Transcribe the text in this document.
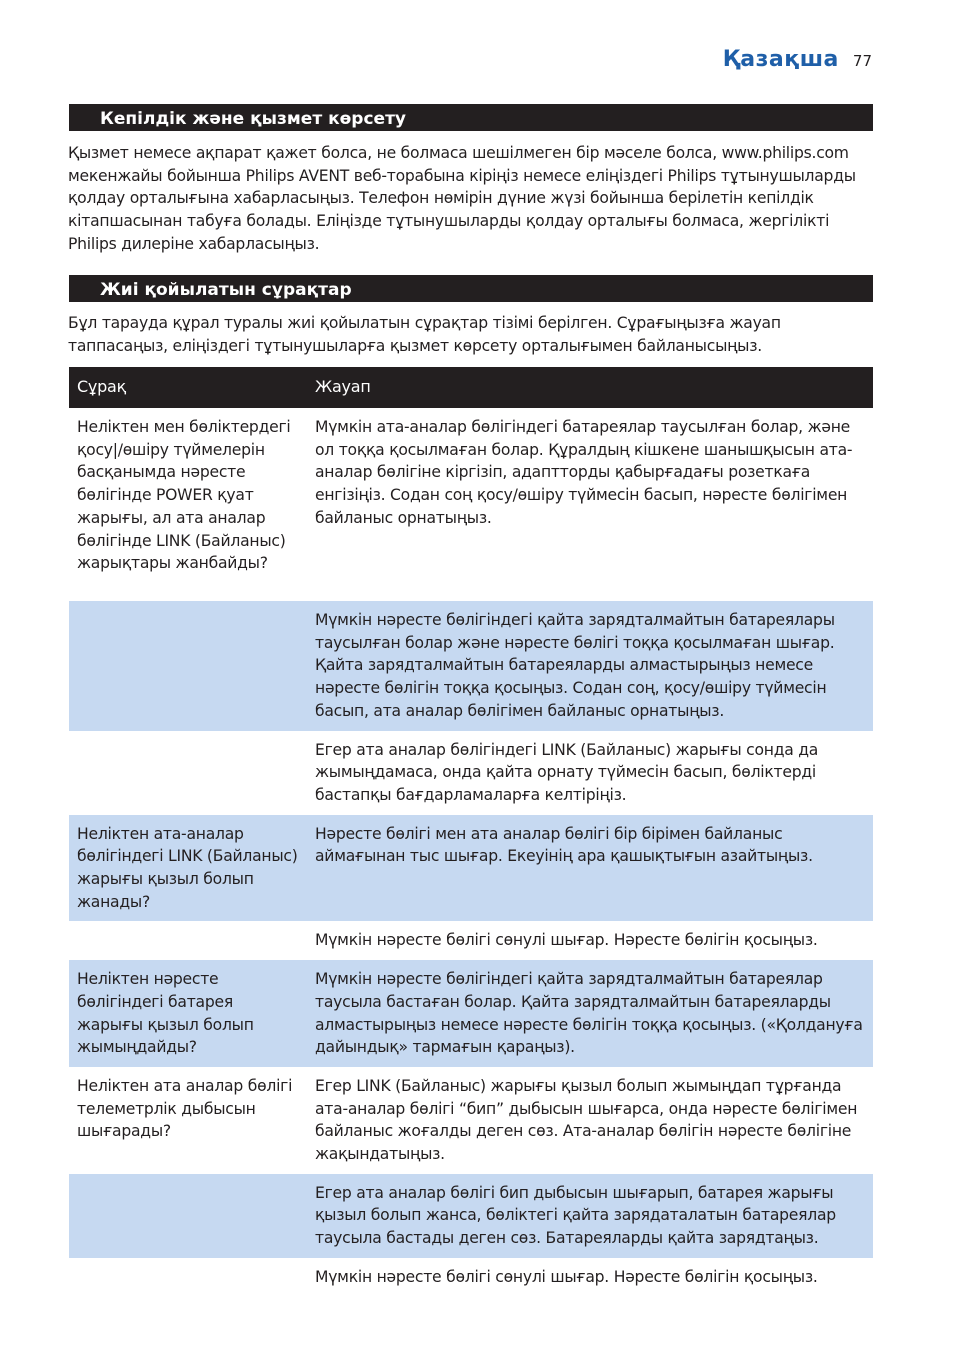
Қазақша 77
Кепілдік және қызмет көрсету
Қызмет немесе ақпарат қажет болса, не болмаса шешілмеген бір мәселе болса, www.philips.com мекенжайы бойынша Philips AVENT веб-торабына кіріңіз немесе еліңіздегі Philips тұтынушыларды қолдау орталығына хабарласыңыз. Телефон нөмірін дүние жүзі бойынша берілетін кепілдік кітапшасынан табуға болады. Еліңізде тұтынушыларды қолдау орталығы болмаса, жергілікті Philips дилеріне хабарласыңыз.
Жиі қойылатын сұрақтар
Бұл тарауда құрал туралы жиі қойылатын сұрақтар тізімі берілген. Сұрағыңызға жауап таппасаңыз, еліңіздегі тұтынушыларға қызмет көрсету орталығымен байланысыңыз.
Сұрақ	Жауап
Неліктен мен бөліктердегі қосу|/өшіру түймелерін басқанымда нәресте бөлігінде POWER қуат жарығы, ал ата аналар бөлігінде LINK (Байланыс) жарықтары жанбайды?	Мүмкін ата-аналар бөлігіндегі батареялар таусылған болар, және ол тоққа қосылмаған болар. Құралдың кішкене шанышқысын ата-аналар бөлігіне кіргізіп, адаптторды қабырғадағы розеткаға енгізіңіз. Содан соң қосу/өшіру түймесін басып, нәресте бөлігімен байланыс орнатыңыз.
	Мүмкін нәресте бөлігіндегі қайта зарядталмайтын батареялары таусылған болар және нәресте бөлігі тоққа қосылмаған шығар. Қайта зарядталмайтын батареяларды алмастырыңыз немесе нәресте бөлігін тоққа қосыңыз. Содан соң, қосу/өшіру түймесін басып, ата аналар бөлігімен байланыс орнатыңыз.
	Егер ата аналар бөлігіндегі LINK (Байланыс) жарығы сонда да жымыңдамаса, онда қайта орнату түймесін басып, бөліктерді бастапқы бағдарламаларға келтіріңіз.
Неліктен ата-аналар бөлігіндегі LINK (Байланыс) жарығы қызыл болып жанады?	Нәресте бөлігі мен ата аналар бөлігі бір бірімен байланыс аймағынан тыс шығар. Екеуінің ара қашықтығын азайтыңыз.
	Мүмкін нәресте бөлігі сөнулі шығар. Нәресте бөлігін қосыңыз.
Неліктен нәресте бөлігіндегі батарея жарығы қызыл болып жымыңдайды?	Мүмкін нәресте бөлігіндегі қайта зарядталмайтын батареялар таусыла бастаған болар. Қайта зарядталмайтын батареяларды алмастырыңыз немесе нәресте бөлігін тоққа қосыңыз. («Қолдануға дайындық» тармағын қараңыз).
Неліктен ата аналар бөлігі телеметрлік дыбысын шығарады?	Егер LINK (Байланыс) жарығы қызыл болып жымыңдап тұрғанда ата-аналар бөлігі “бип” дыбысын шығарса, онда нәресте бөлігімен байланыс жоғалды деген сөз. Ата-аналар бөлігін нәресте бөлігіне жақындатыңыз.
	Егер ата аналар бөлігі бип дыбысын шығарып, батарея жарығы қызыл болып жанса, бөліктегі қайта зарядаталатын батареялар таусыла бастады деген сөз. Батареяларды қайта зарядтаңыз.
	Мүмкін нәресте бөлігі сөнулі шығар. Нәресте бөлігін қосыңыз.
